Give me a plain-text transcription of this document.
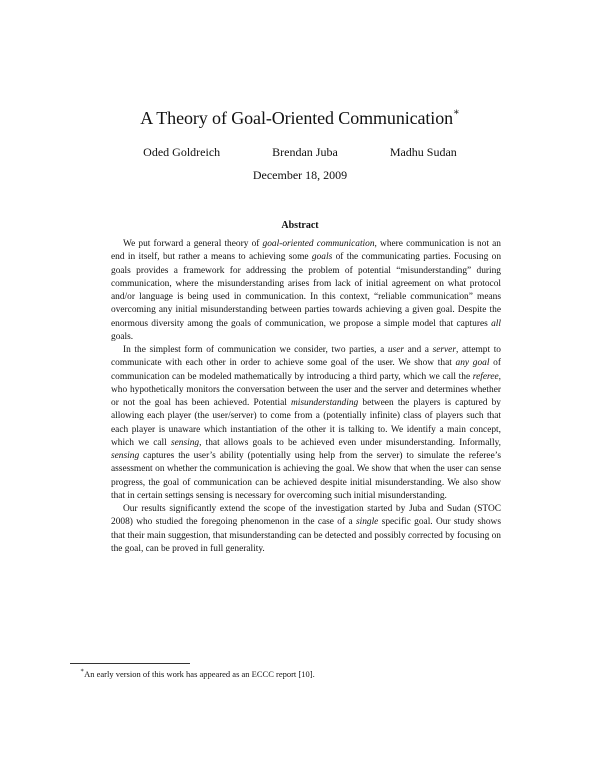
A Theory of Goal-Oriented Communication∗
Oded Goldreich	Brendan Juba	Madhu Sudan
December 18, 2009
Abstract

We put forward a general theory of goal-oriented communication, where communication is not an end in itself, but rather a means to achieving some goals of the communicating parties. Focusing on goals provides a framework for addressing the problem of potential “misunderstanding” during communication, where the misunderstanding arises from lack of initial agreement on what protocol and/or language is being used in communication. In this context, “reliable communication” means overcoming any initial misunderstanding between parties towards achieving a given goal. Despite the enormous diversity among the goals of communication, we propose a simple model that captures all goals.

In the simplest form of communication we consider, two parties, a user and a server, attempt to communicate with each other in order to achieve some goal of the user. We show that any goal of communication can be modeled mathematically by introducing a third party, which we call the referee, who hypothetically monitors the conversation between the user and the server and determines whether or not the goal has been achieved. Potential misunderstanding between the players is captured by allowing each player (the user/server) to come from a (potentially infinite) class of players such that each player is unaware which instantiation of the other it is talking to. We identify a main concept, which we call sensing, that allows goals to be achieved even under misunderstanding. Informally, sensing captures the user’s ability (potentially using help from the server) to simulate the referee’s assessment on whether the communication is achieving the goal. We show that when the user can sense progress, the goal of communication can be achieved despite initial misunderstanding. We also show that in certain settings sensing is necessary for overcoming such initial misunderstanding.

Our results significantly extend the scope of the investigation started by Juba and Sudan (STOC 2008) who studied the foregoing phenomenon in the case of a single specific goal. Our study shows that their main suggestion, that misunderstanding can be detected and possibly corrected by focusing on the goal, can be proved in full generality.

∗An early version of this work has appeared as an ECCC report [10].
